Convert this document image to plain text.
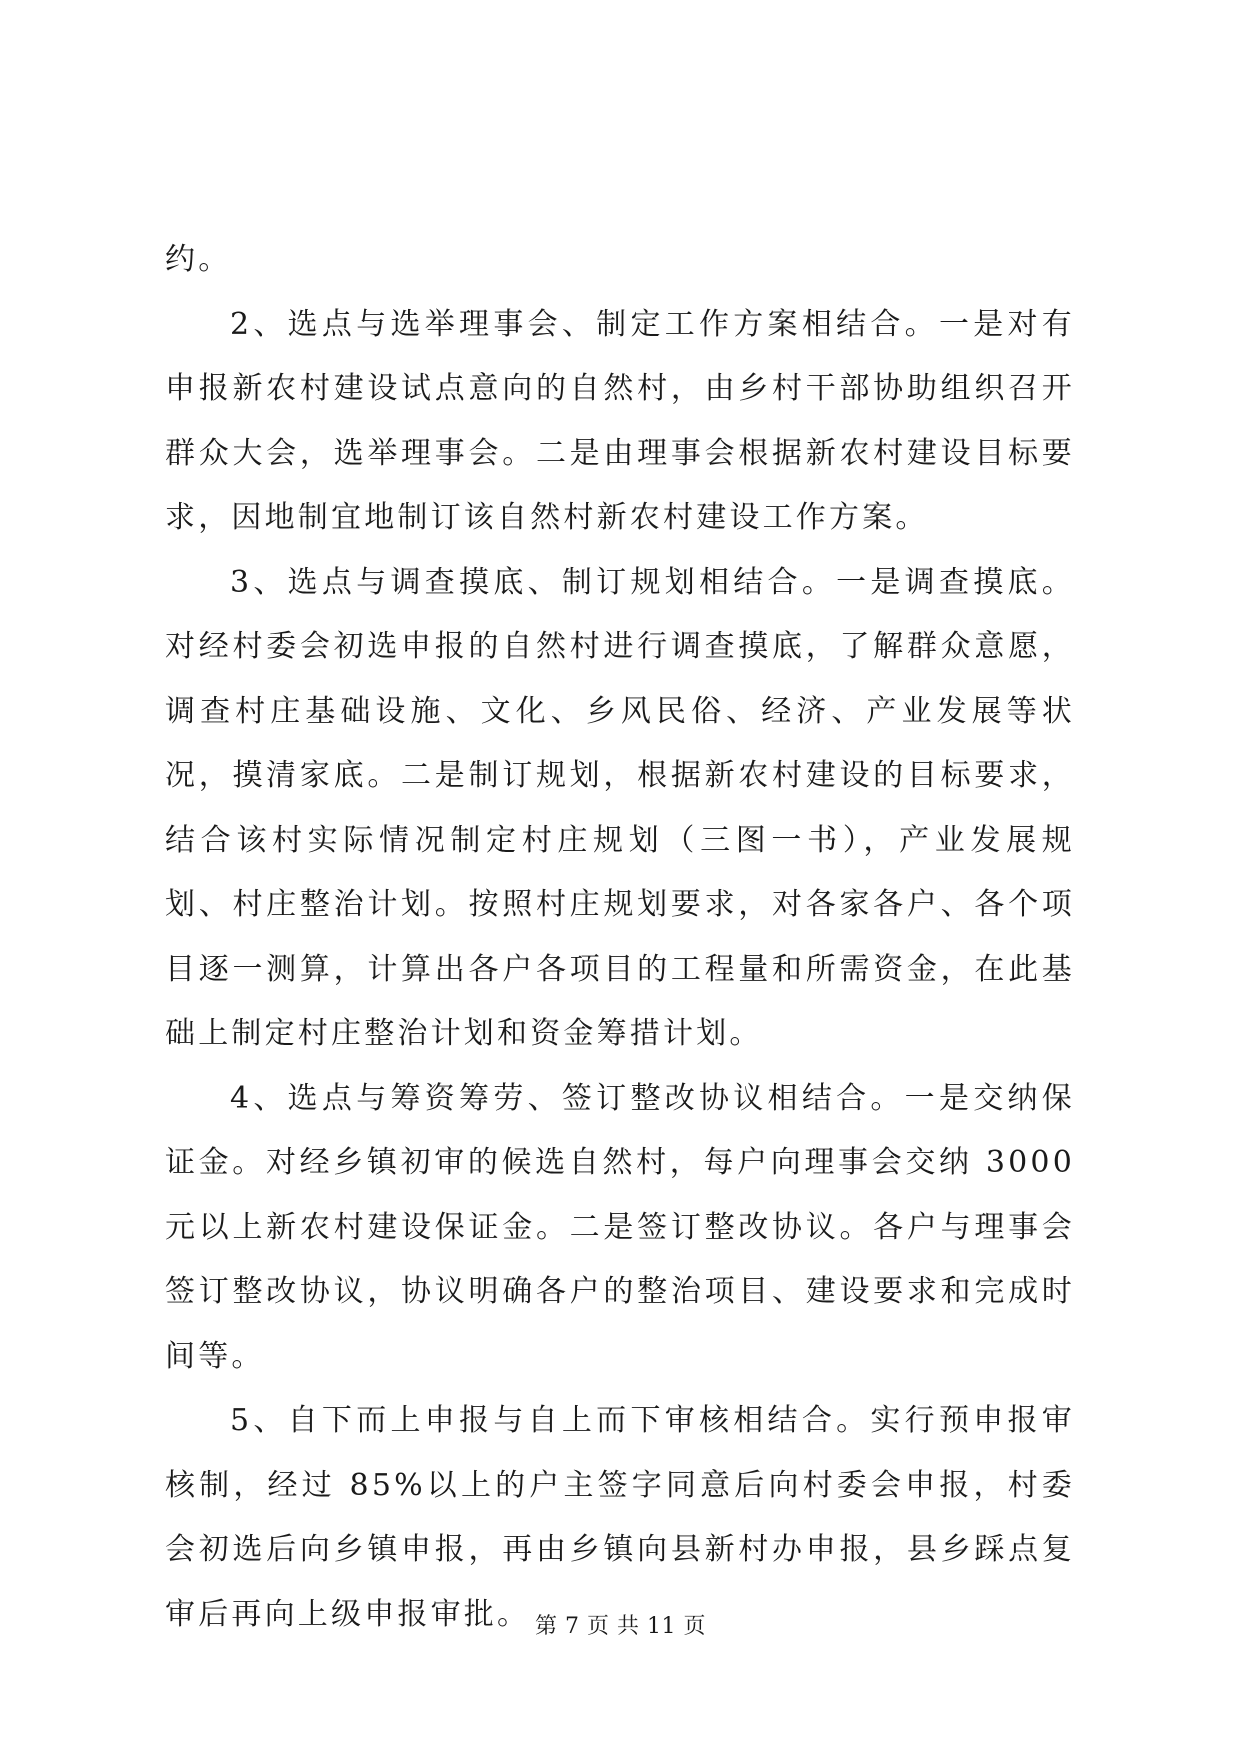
约。

2、选点与选举理事会、制定工作方案相结合。一是对有申报新农村建设试点意向的自然村，由乡村干部协助组织召开群众大会，选举理事会。二是由理事会根据新农村建设目标要求，因地制宜地制订该自然村新农村建设工作方案。

3、选点与调查摸底、制订规划相结合。一是调查摸底。对经村委会初选申报的自然村进行调查摸底，了解群众意愿，调查村庄基础设施、文化、乡风民俗、经济、产业发展等状况，摸清家底。二是制订规划，根据新农村建设的目标要求，结合该村实际情况制定村庄规划（三图一书），产业发展规划、村庄整治计划。按照村庄规划要求，对各家各户、各个项目逐一测算，计算出各户各项目的工程量和所需资金，在此基础上制定村庄整治计划和资金筹措计划。

4、选点与筹资筹劳、签订整改协议相结合。一是交纳保证金。对经乡镇初审的候选自然村，每户向理事会交纳 3000 元以上新农村建设保证金。二是签订整改协议。各户与理事会签订整改协议，协议明确各户的整治项目、建设要求和完成时间等。

5、自下而上申报与自上而下审核相结合。实行预申报审核制，经过 85%以上的户主签字同意后向村委会申报，村委会初选后向乡镇申报，再由乡镇向县新村办申报，县乡踩点复审后再向上级申报审批。 第 7 页 共 11 页
